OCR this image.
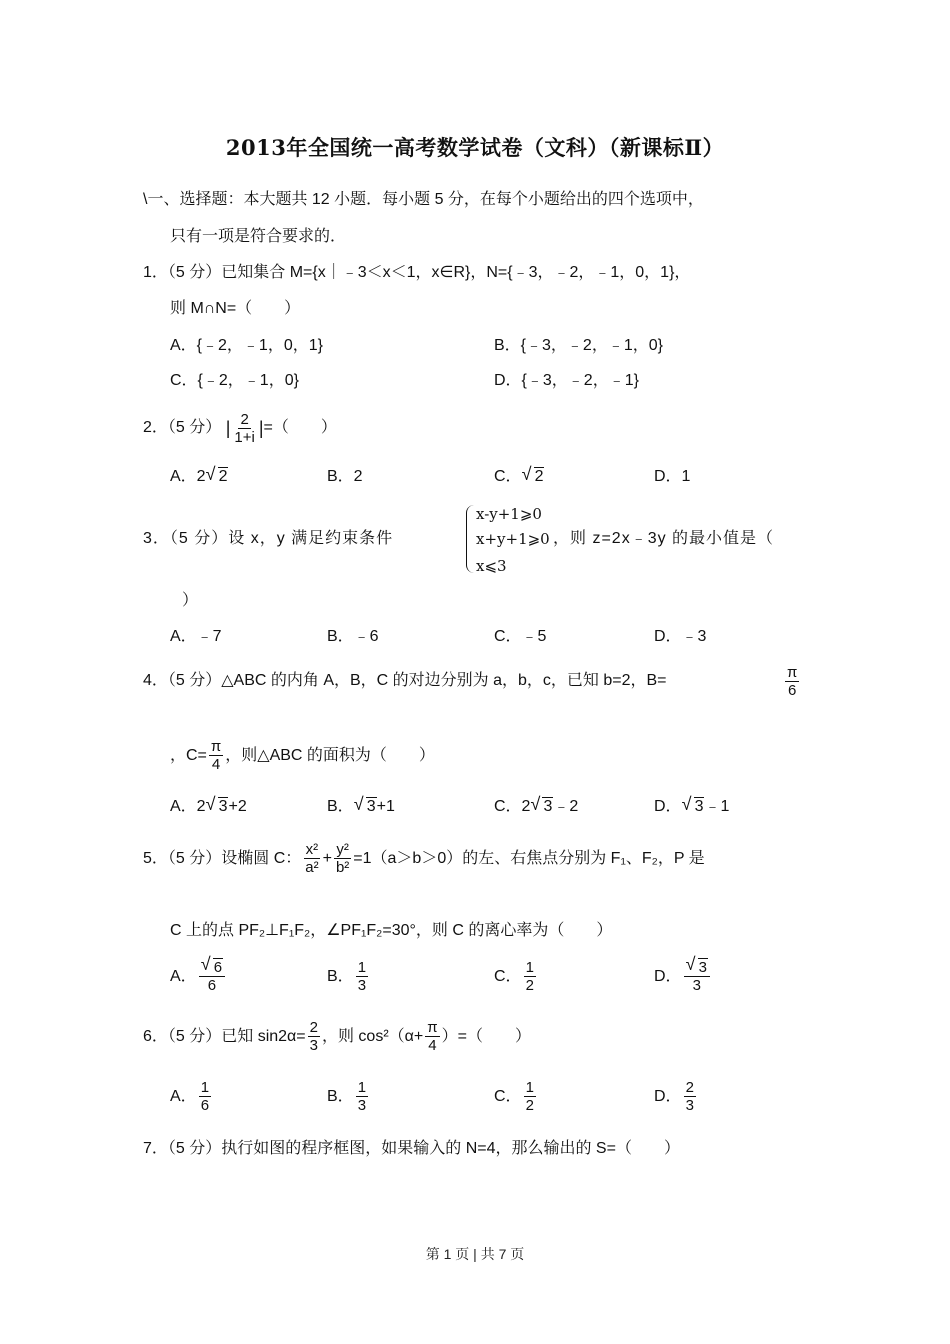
2013年全国统一高考数学试卷（文科）（新课标Ⅱ）
\一、选择题：本大题共 12 小题．每小题 5 分，在每个小题给出的四个选项中，
只有一项是符合要求的．
1．（5 分）已知集合 M={x｜﹣3＜x＜1，x∈R}，N={﹣3，﹣2，﹣1，0，1}，
则 M∩N=（　　）
A．{﹣2，﹣1，0，1}	B．{﹣3，﹣2，﹣1，0}
C．{﹣2，﹣1，0}	D．{﹣3，﹣2，﹣1}
2．（5 分） | $\frac{2}{1+i}$ |=（　　）
A．2 √ 2	B．2	C． √ 2	D．1
3．（5 分）设 x，y 满足约束条件
x-y+1⩾0
x+y+1⩾0
x⩽3
，则 z=2x﹣3y 的最小值是（
）
A．﹣7	B．﹣6	C．﹣5	D．﹣3
4．（5 分）△ABC 的内角 A，B，C 的对边分别为 a，b，c，已知 b=2，B=	$\frac{\pi}{6}$
，$C= \frac{\pi}{4}$ ，则△ABC 的面积为（　　）
A．2 √ 3+2	B． √ 3+1	C．2 √ 3﹣2	D． √ 3﹣1
5．（5 分）设椭圆 C： $\frac{\text{x²}}{\text{a²}} + \frac{\text{y²}}{\text{b²}} =1(a>b>0)$的左、右焦点分别为 F₁、F₂，P 是
C 上的点 PF₂⊥F₁F₂，∠PF₁F₂=30°，则 C 的离心率为（　　）
A． $\frac{√ 6}{6}$	B． $\frac{1}{3}$	C． $\frac{1}{2}$	D． $\frac{√ 3}{3}$
6．（5 分）已知 $\sin 2\alpha= \frac{2}{3}$ ，则 $\cos^2(\alpha+ \frac{\pi}{4}$ ）=（　　）
A． $\frac{1}{6}$	B． $\frac{1}{3}$	C． $\frac{1}{2}$	D． $\frac{2}{3}$
7．（5 分）执行如图的程序框图，如果输入的 N=4，那么输出的 S=（　　）
第 1 页 | 共 7 页
